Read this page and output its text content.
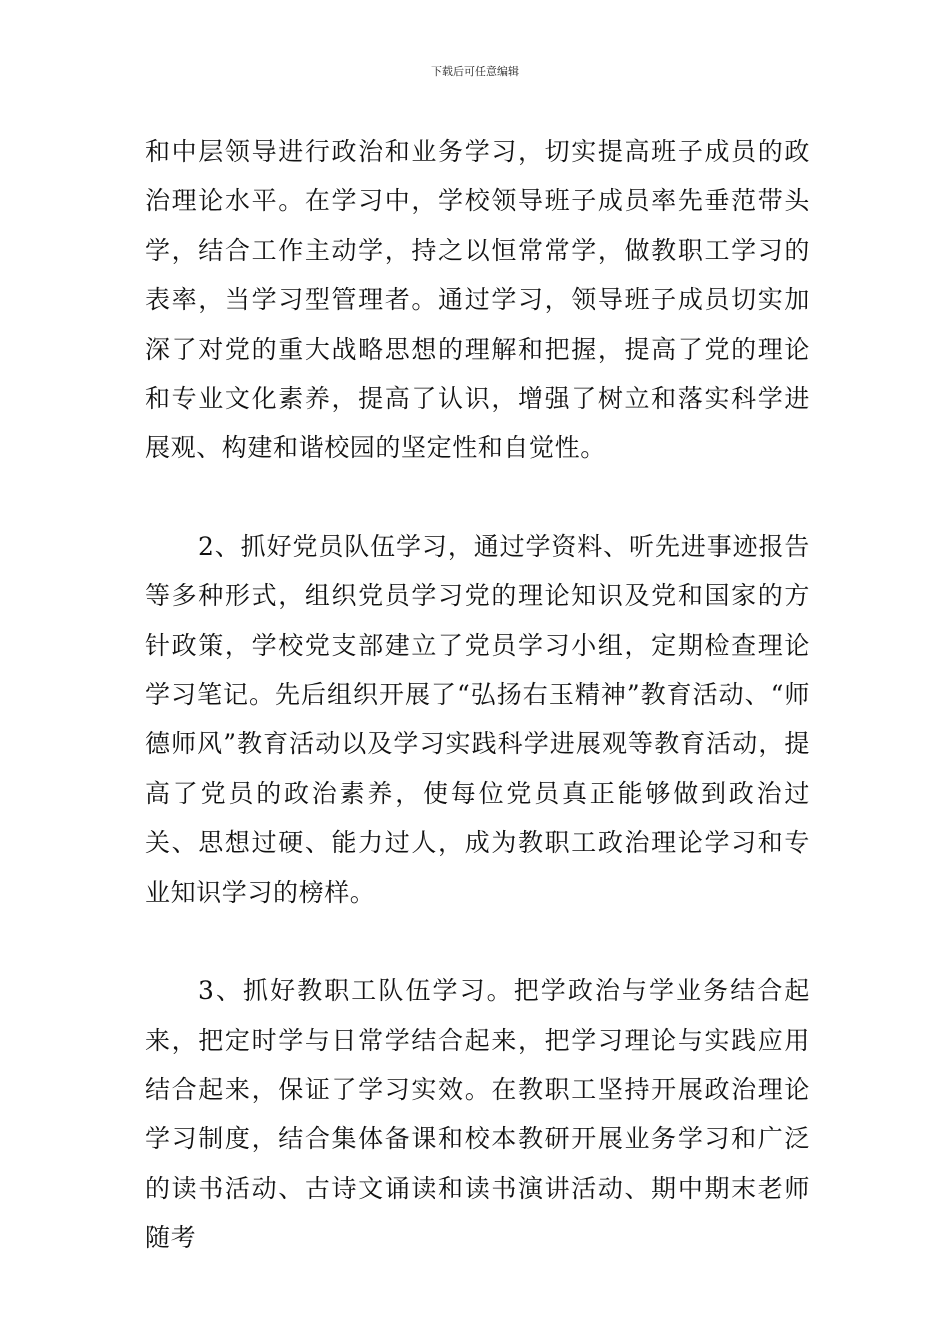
下载后可任意编辑

和中层领导进行政治和业务学习，切实提高班子成员的政治理论水平。在学习中，学校领导班子成员率先垂范带头学，结合工作主动学，持之以恒常常学，做教职工学习的表率，当学习型管理者。通过学习，领导班子成员切实加深了对党的重大战略思想的理解和把握，提高了党的理论和专业文化素养，提高了认识，增强了树立和落实科学进展观、构建和谐校园的坚定性和自觉性。

2、抓好党员队伍学习，通过学资料、听先进事迹报告等多种形式，组织党员学习党的理论知识及党和国家的方针政策，学校党支部建立了党员学习小组，定期检查理论学习笔记。先后组织开展了“弘扬右玉精神”教育活动、“师德师风”教育活动以及学习实践科学进展观等教育活动，提高了党员的政治素养，使每位党员真正能够做到政治过关、思想过硬、能力过人，成为教职工政治理论学习和专业知识学习的榜样。

3、抓好教职工队伍学习。把学政治与学业务结合起来，把定时学与日常学结合起来，把学习理论与实践应用结合起来，保证了学习实效。在教职工坚持开展政治理论学习制度，结合集体备课和校本教研开展业务学习和广泛的读书活动、古诗文诵读和读书演讲活动、期中期末老师随考
